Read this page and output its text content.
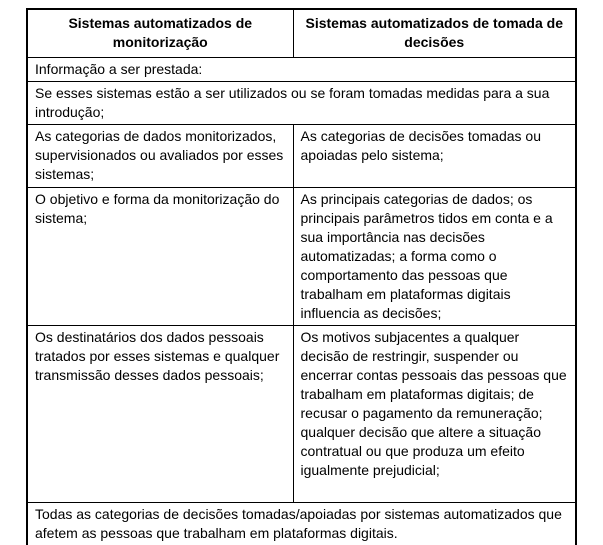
Sistemas automatizados de monitorização	Sistemas automatizados de tomada de decisões
Informação a ser prestada:	
Se esses sistemas estão a ser utilizados ou se foram tomadas medidas para a sua introdução;	
As categorias de dados monitorizados, supervisionados ou avaliados por esses sistemas;	As categorias de decisões tomadas ou apoiadas pelo sistema;
O objetivo e forma da monitorização do sistema;	As principais categorias de dados; os principais parâmetros tidos em conta e a sua importância nas decisões automatizadas; a forma como o comportamento das pessoas que trabalham em plataformas digitais influencia as decisões;
Os destinatários dos dados pessoais tratados por esses sistemas e qualquer transmissão desses dados pessoais;	Os motivos subjacentes a qualquer decisão de restringir, suspender ou encerrar contas pessoais das pessoas que trabalham em plataformas digitais; de recusar o pagamento da remuneração; qualquer decisão que altere a situação contratual ou que produza um efeito igualmente prejudicial;
Todas as categorias de decisões tomadas/apoiadas por sistemas automatizados que afetem as pessoas que trabalham em plataformas digitais.	
